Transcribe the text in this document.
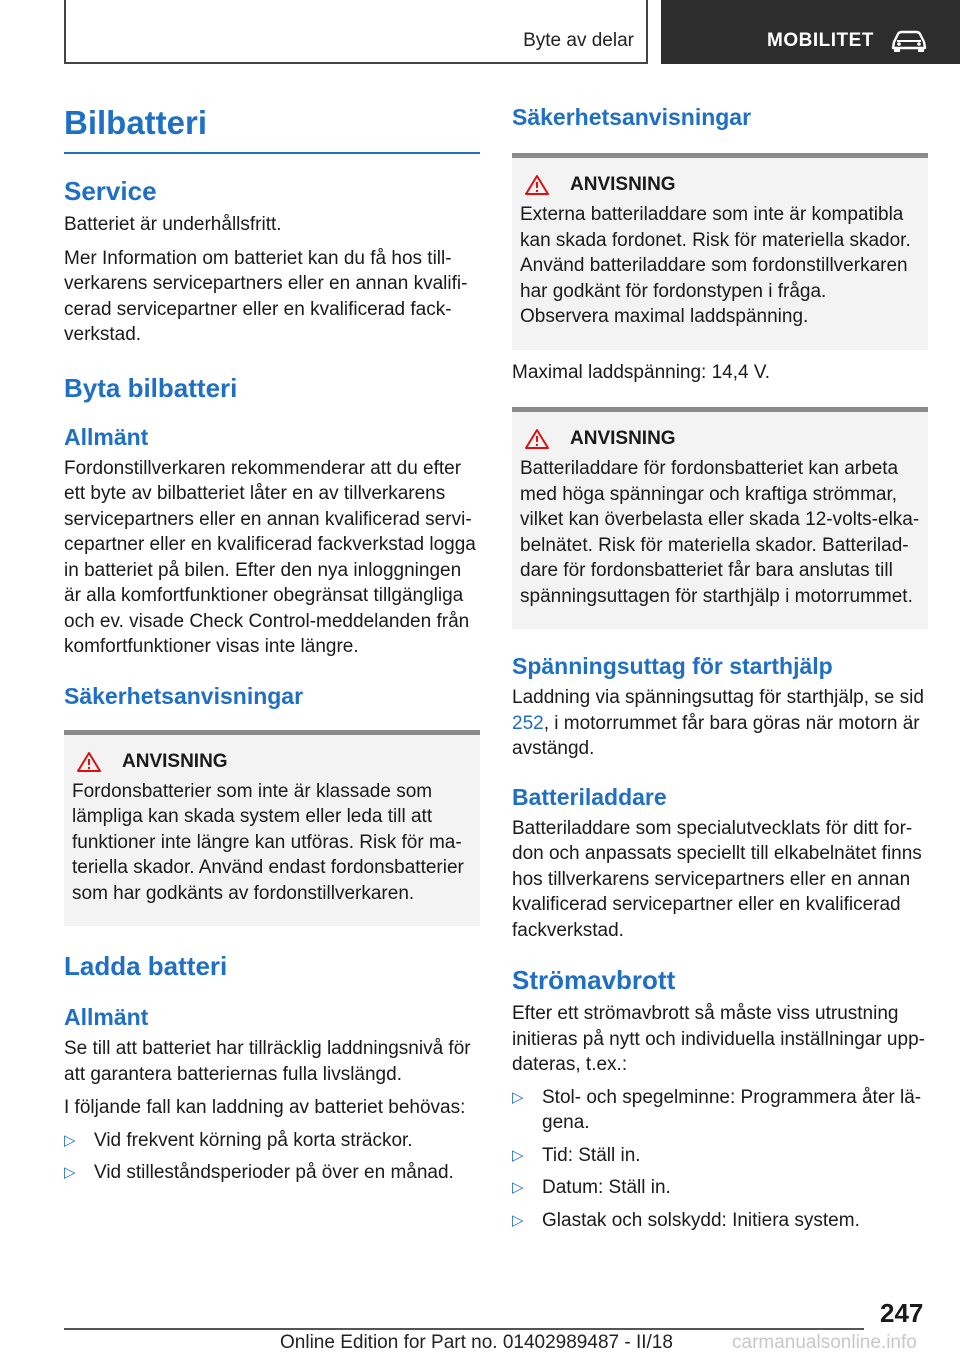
Byte av delar	MOBILITET
Bilbatteri
Service

Batteriet är underhållsfritt.

Mer Information om batteriet kan du få hos tillverkarens servicepartners eller en annan kvalificerad servicepartner eller en kvalificerad fackverkstad.

Byta bilbatteri
Allmänt

Fordonstillverkaren rekommenderar att du efter ett byte av bilbatteriet låter en av tillverkarens servicepartners eller en annan kvalificerad servicepartner eller en kvalificerad fackverkstad logga in batteriet på bilen. Efter den nya inloggningen är alla komfortfunktioner obegränsat tillgängliga och ev. visade Check Control-meddelanden från komfortfunktioner visas inte längre.

Säkerhetsanvisningar
ANVISNING

Fordonsbatterier som inte är klassade som lämpliga kan skada system eller leda till att funktioner inte längre kan utföras. Risk för materiella skador. Använd endast fordonsbatterier som har godkänts av fordonstillverkaren.

Ladda batteri
Allmänt

Se till att batteriet har tillräcklig laddningsnivå för att garantera batteriernas fulla livslängd.

I följande fall kan laddning av batteriet behövas:

▷ Vid frekvent körning på korta sträckor.
▷ Vid stilleståndsperioder på över en månad.
Säkerhetsanvisningar
ANVISNING

Externa batteriladdare som inte är kompatibla kan skada fordonet. Risk för materiella skador. Använd batteriladdare som fordonstillverkaren har godkänt för fordonstypen i fråga. Observera maximal laddspänning.

Maximal laddspänning: 14,4 V.

ANVISNING

Batteriladdare för fordonsbatteriet kan arbeta med höga spänningar och kraftiga strömmar, vilket kan överbelasta eller skada 12-volts-elkabelnätet. Risk för materiella skador. Batteriladdare för fordonsbatteriet får bara anslutas till spänningsuttagen för starthjälp i motorrummet.

Spänningsuttag för starthjälp

Laddning via spänningsuttag för starthjälp, se sid 252, i motorrummet får bara göras när motorn är avstängd.

Batteriladdare

Batteriladdare som specialutvecklats för ditt fordon och anpassats speciellt till elkabelnätet finns hos tillverkarens servicepartners eller en annan kvalificerad servicepartner eller en kvalificerad fackverkstad.

Strömavbrott

Efter ett strömavbrott så måste viss utrustning initieras på nytt och individuella inställningar uppdateras, t.ex.:

▷ Stol- och spegelminne: Programmera åter lägena.
▷ Tid: Ställ in.
▷ Datum: Ställ in.
▷ Glastak och solskydd: Initiera system.
247
Online Edition for Part no. 01402989487 - II/18	carmanualsonline.info
